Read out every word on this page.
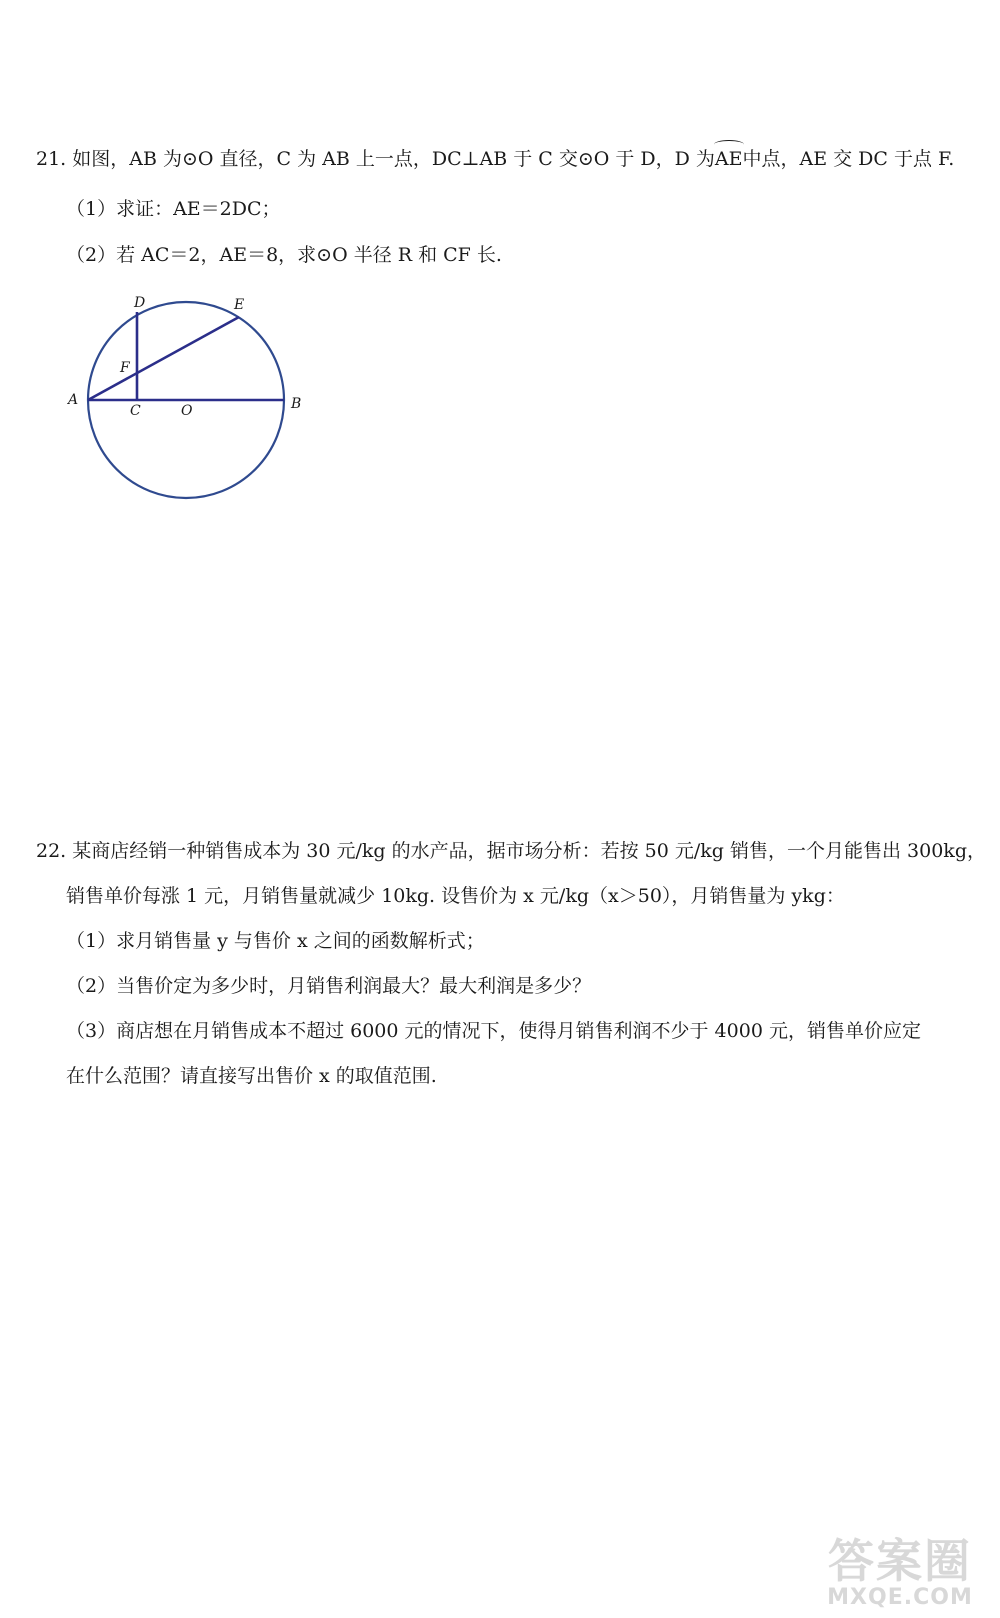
21. 如图，AB 为⊙O 直径，C 为 AB 上一点，DC⊥AB 于 C 交⊙O 于 D，D 为AE中点，AE 交 DC 于点 F.
（1）求证：AE＝2DC；
（2）若 AC＝2，AE＝8，求⊙O 半径 R 和 CF 长.
A	B
C	O
D	E
F
22. 某商店经销一种销售成本为 30 元/kg 的水产品，据市场分析：若按 50 元/kg 销售，一个月能售出 300kg，
销售单价每涨 1 元，月销售量就减少 10kg. 设售价为 x 元/kg（x＞50），月销售量为 ykg：
（1）求月销售量 y 与售价 x 之间的函数解析式；
（2）当售价定为多少时，月销售利润最大？最大利润是多少？
（3）商店想在月销售成本不超过 6000 元的情况下，使得月销售利润不少于 4000 元，销售单价应定
在什么范围？请直接写出售价 x 的取值范围.
答案圈
MXQE.COM
